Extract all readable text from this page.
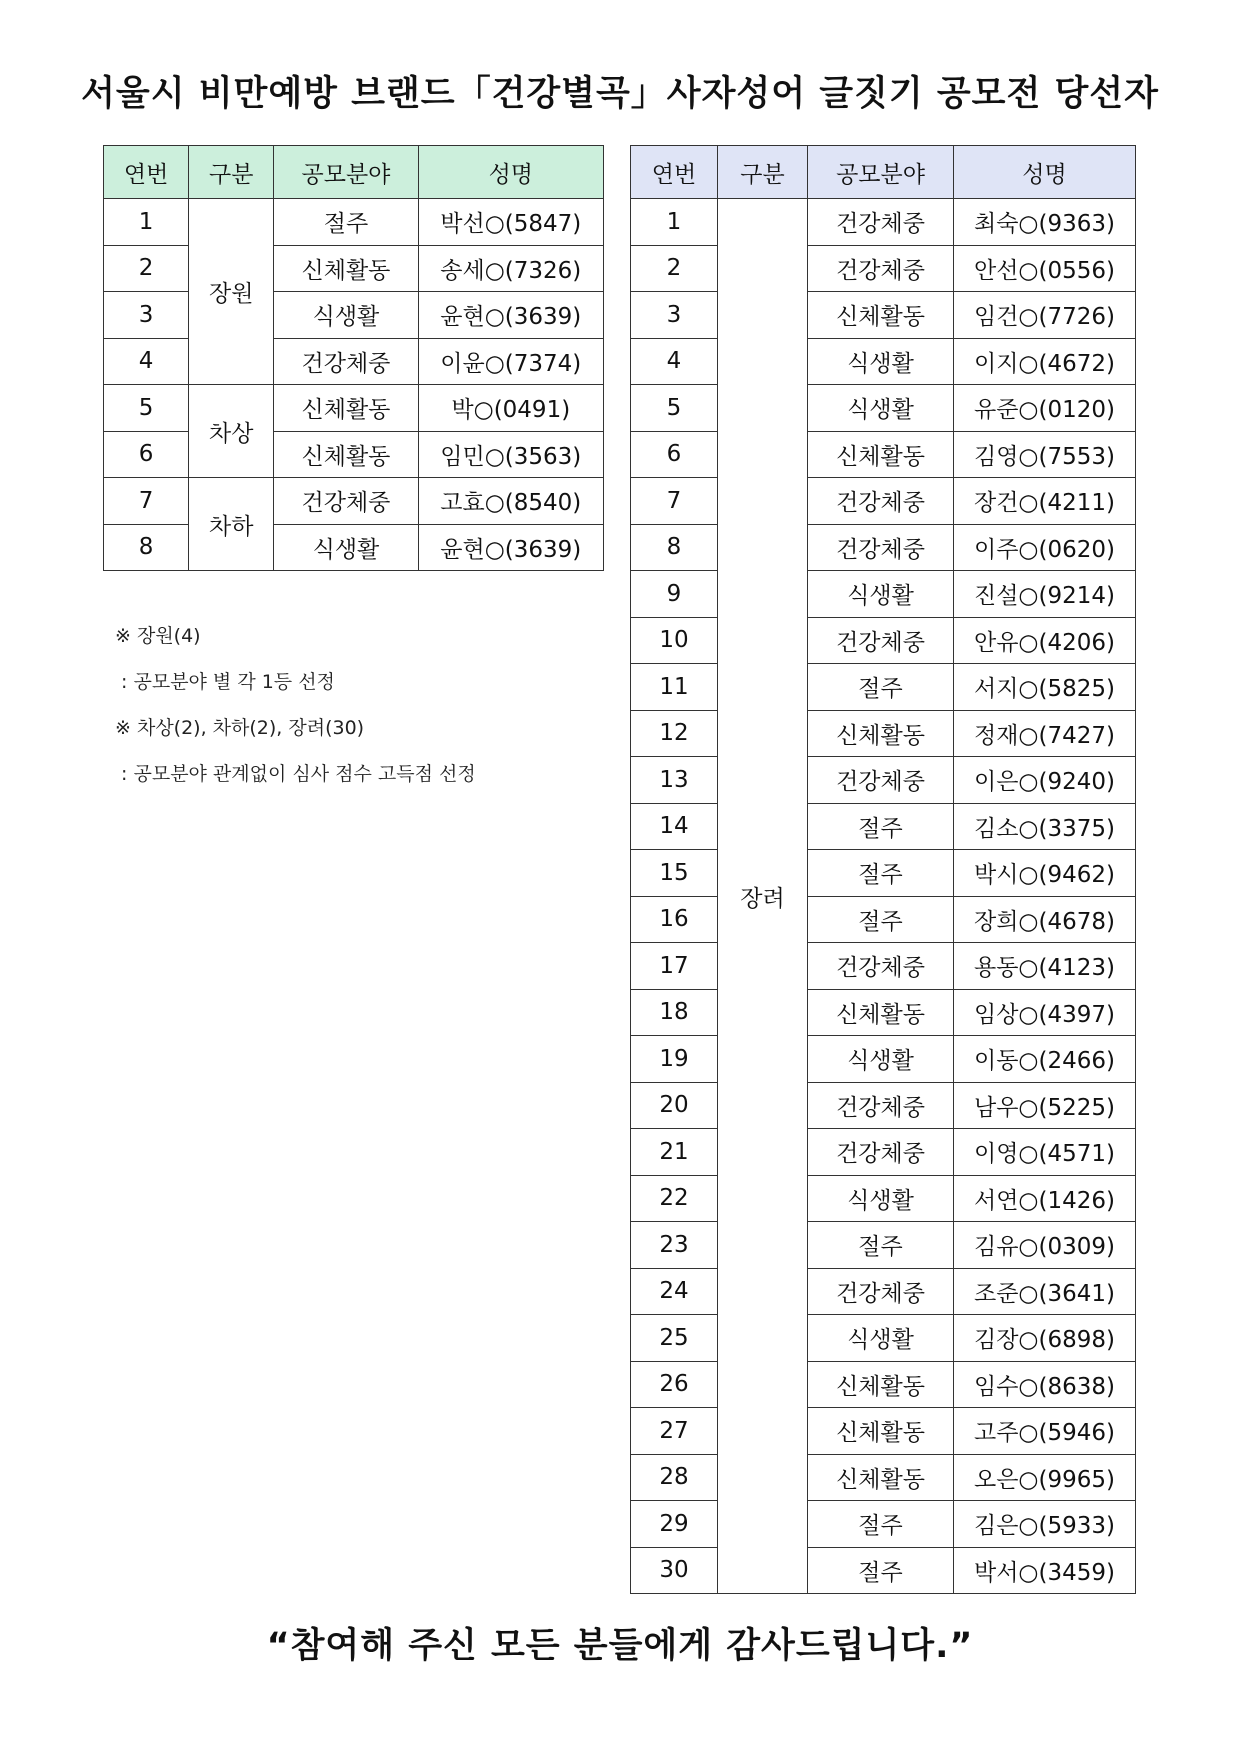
서울시 비만예방 브랜드「건강별곡」사자성어 글짓기 공모전 당선자
연번	구분	공모분야	성명
1	장원	절주	박선○(5847)
2		신체활동	송세○(7326)
3		식생활	윤현○(3639)
4		건강체중	이윤○(7374)
5	차상	신체활동	박○(0491)
6		신체활동	임민○(3563)
7	차하	건강체중	고효○(8540)
8		식생활	윤현○(3639)
연번	구분	공모분야	성명
1	장려	건강체중	최숙○(9363)
2		건강체중	안선○(0556)
3		신체활동	임건○(7726)
4		식생활	이지○(4672)
5		식생활	유준○(0120)
6		신체활동	김영○(7553)
7		건강체중	장건○(4211)
8		건강체중	이주○(0620)
9		식생활	진설○(9214)
10		건강체중	안유○(4206)
11		절주	서지○(5825)
12		신체활동	정재○(7427)
13		건강체중	이은○(9240)
14		절주	김소○(3375)
15		절주	박시○(9462)
16		절주	장희○(4678)
17		건강체중	용동○(4123)
18		신체활동	임상○(4397)
19		식생활	이동○(2466)
20		건강체중	남우○(5225)
21		건강체중	이영○(4571)
22		식생활	서연○(1426)
23		절주	김유○(0309)
24		건강체중	조준○(3641)
25		식생활	김장○(6898)
26		신체활동	임수○(8638)
27		신체활동	고주○(5946)
28		신체활동	오은○(9965)
29		절주	김은○(5933)
30		절주	박서○(3459)
※ 장원(4)
: 공모분야 별 각 1등 선정
※ 차상(2), 차하(2), 장려(30)
: 공모분야 관계없이 심사 점수 고득점 선정
“참여해 주신 모든 분들에게 감사드립니다.”
